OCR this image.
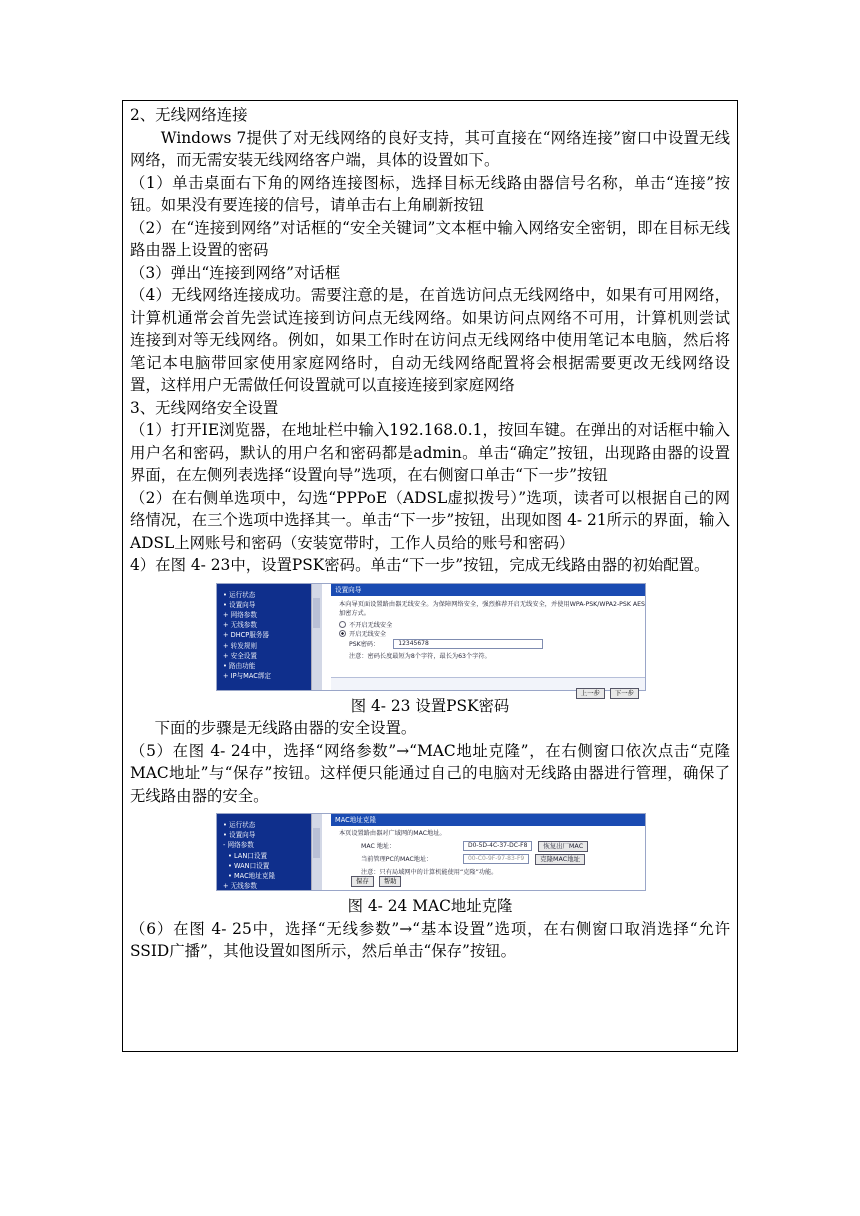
2、无线网络连接

Windows 7提供了对无线网络的良好支持，其可直接在“网络连接”窗口中设置无线网络，而无需安装无线网络客户端，具体的设置如下。

（1）单击桌面右下角的网络连接图标，选择目标无线路由器信号名称，单击“连接”按钮。如果没有要连接的信号，请单击右上角刷新按钮

（2）在“连接到网络”对话框的“安全关键词”文本框中输入网络安全密钥，即在目标无线路由器上设置的密码

（3）弹出“连接到网络”对话框

（4）无线网络连接成功。需要注意的是，在首选访问点无线网络中，如果有可用网络，计算机通常会首先尝试连接到访问点无线网络。如果访问点网络不可用，计算机则尝试连接到对等无线网络。例如，如果工作时在访问点无线网络中使用笔记本电脑，然后将笔记本电脑带回家使用家庭网络时，自动无线网络配置将会根据需要更改无线网络设置，这样用户无需做任何设置就可以直接连接到家庭网络

3、无线网络安全设置

（1）打开IE浏览器，在地址栏中输入192.168.0.1，按回车键。在弹出的对话框中输入用户名和密码，默认的用户名和密码都是admin。单击“确定”按钮，出现路由器的设置界面，在左侧列表选择“设置向导”选项，在右侧窗口单击“下一步”按钮

（2）在右侧单选项中，勾选“PPPoE（ADSL虚拟拨号）”选项，读者可以根据自己的网络情况，在三个选项中选择其一。单击“下一步”按钮，出现如图 4- 21所示的界面，输入ADSL上网账号和密码（安装宽带时，工作人员给的账号和密码）

4）在图 4- 23中，设置PSK密码。单击“下一步”按钮，完成无线路由器的初始配置。

• 运行状态
• 设置向导
+ 网络参数
+ 无线参数
+ DHCP服务器
+ 转发规则
+ 安全设置
• 路由功能
+ IP与MAC绑定
设置向导
本向导页面设置路由器无线安全。为保障网络安全，强烈推荐开启无线安全，并使用WPA-PSK/WPA2-PSK AES加密方式。
不开启无线安全
开启无线安全
PSK密码：	12345678
注意：密码长度最短为8个字符，最长为63个字符。
上一步 下一步

图 4- 23 设置PSK密码

下面的步骤是无线路由器的安全设置。

（5）在图 4- 24中，选择“网络参数”→“MAC地址克隆”，在右侧窗口依次点击“克隆MAC地址”与“保存”按钮。这样便只能通过自己的电脑对无线路由器进行管理，确保了无线路由器的安全。

• 运行状态
• 设置向导
- 网络参数
• LAN口设置
• WAN口设置
• MAC地址克隆
+ 无线参数
MAC地址克隆
本页设置路由器对广域网的MAC地址。
MAC 地址：	D0-5D-4C-37-DC-F8 恢复出厂MAC
当前管理PC的MAC地址：	00-C0-9F-97-83-F9 克隆MAC地址
注意：只有局域网中的计算机能使用“克隆”功能。
保存 帮助

图 4- 24 MAC地址克隆

（6）在图 4- 25中，选择“无线参数”→“基本设置”选项，在右侧窗口取消选择“允许SSID广播”，其他设置如图所示，然后单击“保存”按钮。
